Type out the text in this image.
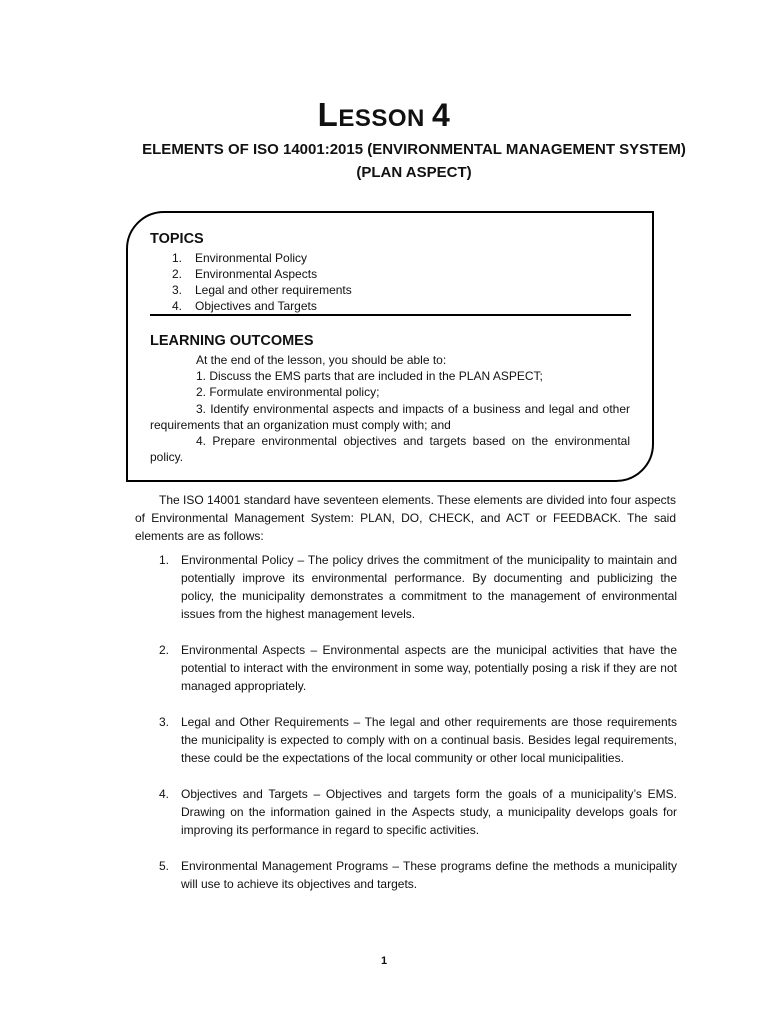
LESSON 4
ELEMENTS OF ISO 14001:2015 (ENVIRONMENTAL MANAGEMENT SYSTEM) (PLAN ASPECT)
TOPICS
1.	Environmental Policy
2.	Environmental Aspects
3.	Legal and other requirements
4.	Objectives and Targets
LEARNING OUTCOMES

At the end of the lesson, you should be able to:

1. Discuss the EMS parts that are included in the PLAN ASPECT;

2. Formulate environmental policy;

3. Identify environmental aspects and impacts of a business and legal and other requirements that an organization must comply with; and

4. Prepare environmental objectives and targets based on the environmental policy.

The ISO 14001 standard have seventeen elements. These elements are divided into four aspects of Environmental Management System: PLAN, DO, CHECK, and ACT or FEEDBACK. The said elements are as follows:
1. Environmental Policy – The policy drives the commitment of the municipality to maintain and potentially improve its environmental performance. By documenting and publicizing the policy, the municipality demonstrates a commitment to the management of environmental issues from the highest management levels.
2. Environmental Aspects – Environmental aspects are the municipal activities that have the potential to interact with the environment in some way, potentially posing a risk if they are not managed appropriately.
3. Legal and Other Requirements – The legal and other requirements are those requirements the municipality is expected to comply with on a continual basis. Besides legal requirements, these could be the expectations of the local community or other local municipalities.
4. Objectives and Targets – Objectives and targets form the goals of a municipality’s EMS. Drawing on the information gained in the Aspects study, a municipality develops goals for improving its performance in regard to specific activities.
5. Environmental Management Programs – These programs define the methods a municipality will use to achieve its objectives and targets.
1
